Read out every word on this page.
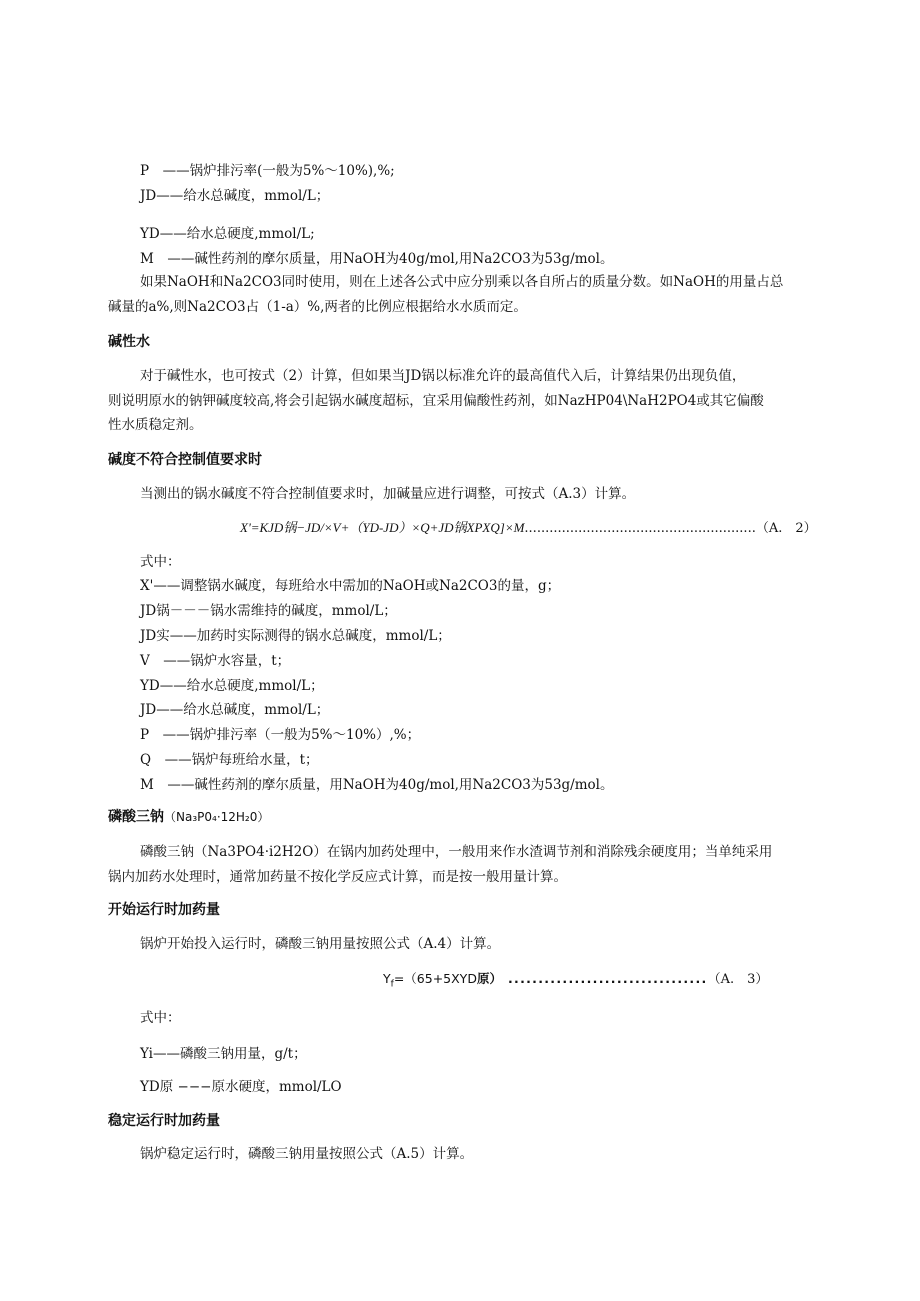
P　——锅炉排污率(一般为5%～10%),%;
JD——给水总碱度，mmol/L；
YD——给水总硬度,mmol/L;
M　——碱性药剂的摩尔质量，用NaOH为40g/mol,用Na2CO3为53g/mol。
如果NaOH和Na2CO3同时使用，则在上述各公式中应分别乘以各自所占的质量分数。如NaOH的用量占总
碱量的a%,则Na2CO3占（1-a）%,两者的比例应根据给水水质而定。
碱性水
对于碱性水，也可按式（2）计算，但如果当JD锅以标准允许的最高值代入后，计算结果仍出现负值，
则说明原水的钠钾碱度较高,将会引起锅水碱度超标，宜采用偏酸性药剂，如NazHP04\NaH2PO4或其它偏酸
性水质稳定剂。
碱度不符合控制值要求时
当测出的锅水碱度不符合控制值要求时，加碱量应进行调整，可按式（A.3）计算。
X'=KJD锅−JD/×V+（YD-JD）×Q+JD锅XPXQ]×M........................................................（A.　2）
式中：
X'——调整锅水碱度，每班给水中需加的NaOH或Na2CO3的量，g；
JD锅－－－锅水需维持的碱度，mmol/L；
JD实——加药时实际测得的锅水总碱度，mmol/L；
V　——锅炉水容量，t；
YD——给水总硬度,mmol/L；
JD——给水总碱度，mmol/L；
P　——锅炉排污率（一般为5%～10%）,%；
Q　——锅炉每班给水量，t；
M　——碱性药剂的摩尔质量，用NaOH为40g/mol,用Na2CO3为53g/mol。
磷酸三钠（Na₃P0₄·12H₂0）
磷酸三钠（Na3PO4·i2H2O）在锅内加药处理中，一般用来作水渣调节剂和消除残余硬度用；当单纯采用
锅内加药水处理时，通常加药量不按化学反应式计算，而是按一般用量计算。
开始运行时加药量
锅炉开始投入运行时，磷酸三钠用量按照公式（A.4）计算。
$Y_f=(65+5XYD$原） .................................（A.　3）
式中：
Yi——磷酸三钠用量，g/t；
YD原 −−−原水硬度，mmol/LO
稳定运行时加药量
锅炉稳定运行时，磷酸三钠用量按照公式（A.5）计算。
